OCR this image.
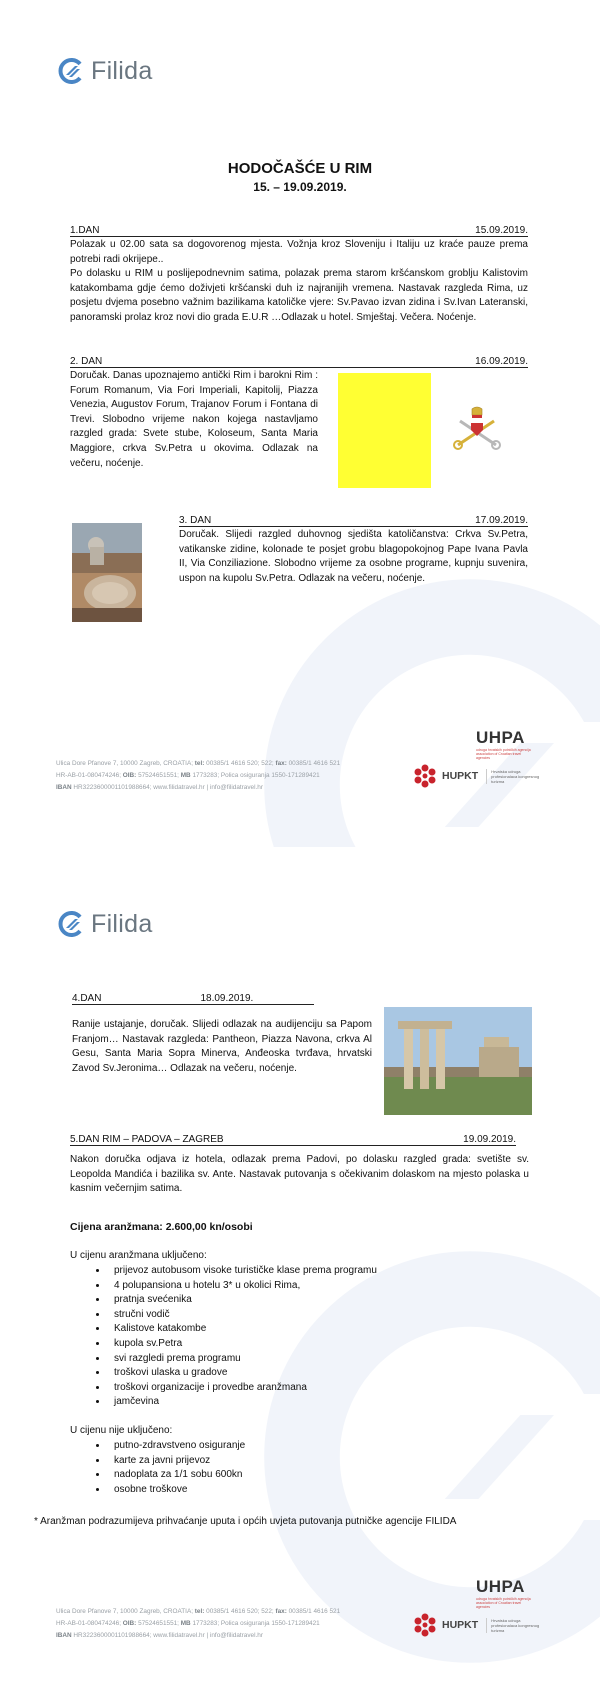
Filida
HODOČAŠĆE U RIM
15. – 19.09.2019.
1.DAN	15.09.2019.

Polazak u 02.00 sata sa dogovorenog mjesta. Vožnja kroz Sloveniju i Italiju uz kraće pauze prema potrebi radi okrijepe..

Po dolasku u RIM u poslijepodnevnim satima, polazak prema starom kršćanskom groblju Kalistovim katakombama gdje ćemo doživjeti kršćanski duh iz najranijih vremena. Nastavak razgleda Rima, uz posjetu dvjema posebno važnim bazilikama katoličke vjere: Sv.Pavao izvan zidina i Sv.Ivan Lateranski, panoramski prolaz kroz novi dio grada E.U.R …Odlazak u hotel. Smještaj. Večera. Noćenje.

2. DAN	16.09.2019.

Doručak. Danas upoznajemo antički Rim i barokni Rim : Forum Romanum, Via Fori Imperiali, Kapitolij, Piazza Venezia, Augustov Forum, Trajanov Forum i Fontana di Trevi. Slobodno vrijeme nakon kojega nastavljamo razgled grada: Svete stube, Koloseum, Santa Maria Maggiore, crkva Sv.Petra u okovima. Odlazak na večeru, noćenje.

3. DAN	17.09.2019.

Doručak. Slijedi razgled duhovnog sjedišta katoličanstva: Crkva Sv.Petra, vatikanske zidine, kolonade te posjet grobu blagopokojnog Pape Ivana Pavla II, Via Conziliazione. Slobodno vrijeme za osobne programe, kupnju suvenira, uspon na kupolu Sv.Petra. Odlazak na večeru, noćenje.

Ulica Dore Pfanove 7, 10000 Zagreb, CROATIA; tel: 00385/1 4616 520; 522; fax: 00385/1 4616 521
HR-AB-01-080474246; OIB: 57524651551; MB 1773283; Polica osiguranja 1550-171289421
IBAN HR3223600001101988664; www.filidatravel.hr | info@filidatravel.hr
UHPA
udruga hrvatskih putničkih agencija association of Croatian travel agencies
HUPKT	Hrvatska udruga profesionalaca kongresnog turizma
Filida
4.DAN	18.09.2019.

Ranije ustajanje, doručak. Slijedi odlazak na audijenciju sa Papom Franjom… Nastavak razgleda: Pantheon, Piazza Navona, crkva Al Gesu, Santa Maria Sopra Minerva, Anđeoska tvrđava, hrvatski Zavod Sv.Jeronima… Odlazak na večeru, noćenje.

5.DAN RIM – PADOVA – ZAGREB	19.09.2019.

Nakon doručka odjava iz hotela, odlazak prema Padovi, po dolasku razgled grada: svetište sv. Leopolda Mandića i bazilika sv. Ante. Nastavak putovanja s očekivanim dolaskom na mjesto polaska u kasnim večernjim satima.

Cijena aranžmana: 2.600,00 kn/osobi
U cijenu aranžmana uključeno:
• prijevoz autobusom visoke turističke klase prema programu
• 4 polupansiona u hotelu 3* u okolici Rima,
• pratnja svećenika
• stručni vodič
• Kalistove katakombe
• kupola sv.Petra
• svi razgledi prema programu
• troškovi ulaska u gradove
• troškovi organizacije i provedbe aranžmana
• jamčevina
U cijenu nije uključeno:
• putno-zdravstveno osiguranje
• karte za javni prijevoz
• nadoplata za 1/1 sobu 600kn
• osobne troškove
* Aranžman podrazumijeva prihvaćanje uputa i općih uvjeta putovanja putničke agencije FILIDA
Ulica Dore Pfanove 7, 10000 Zagreb, CROATIA; tel: 00385/1 4616 520; 522; fax: 00385/1 4616 521
HR-AB-01-080474246; OIB: 57524651551; MB 1773283; Polica osiguranja 1550-171289421
IBAN HR3223600001101988664; www.filidatravel.hr | info@filidatravel.hr
UHPA
udruga hrvatskih putničkih agencija association of Croatian travel agencies
HUPKT	Hrvatska udruga profesionalaca kongresnog turizma
